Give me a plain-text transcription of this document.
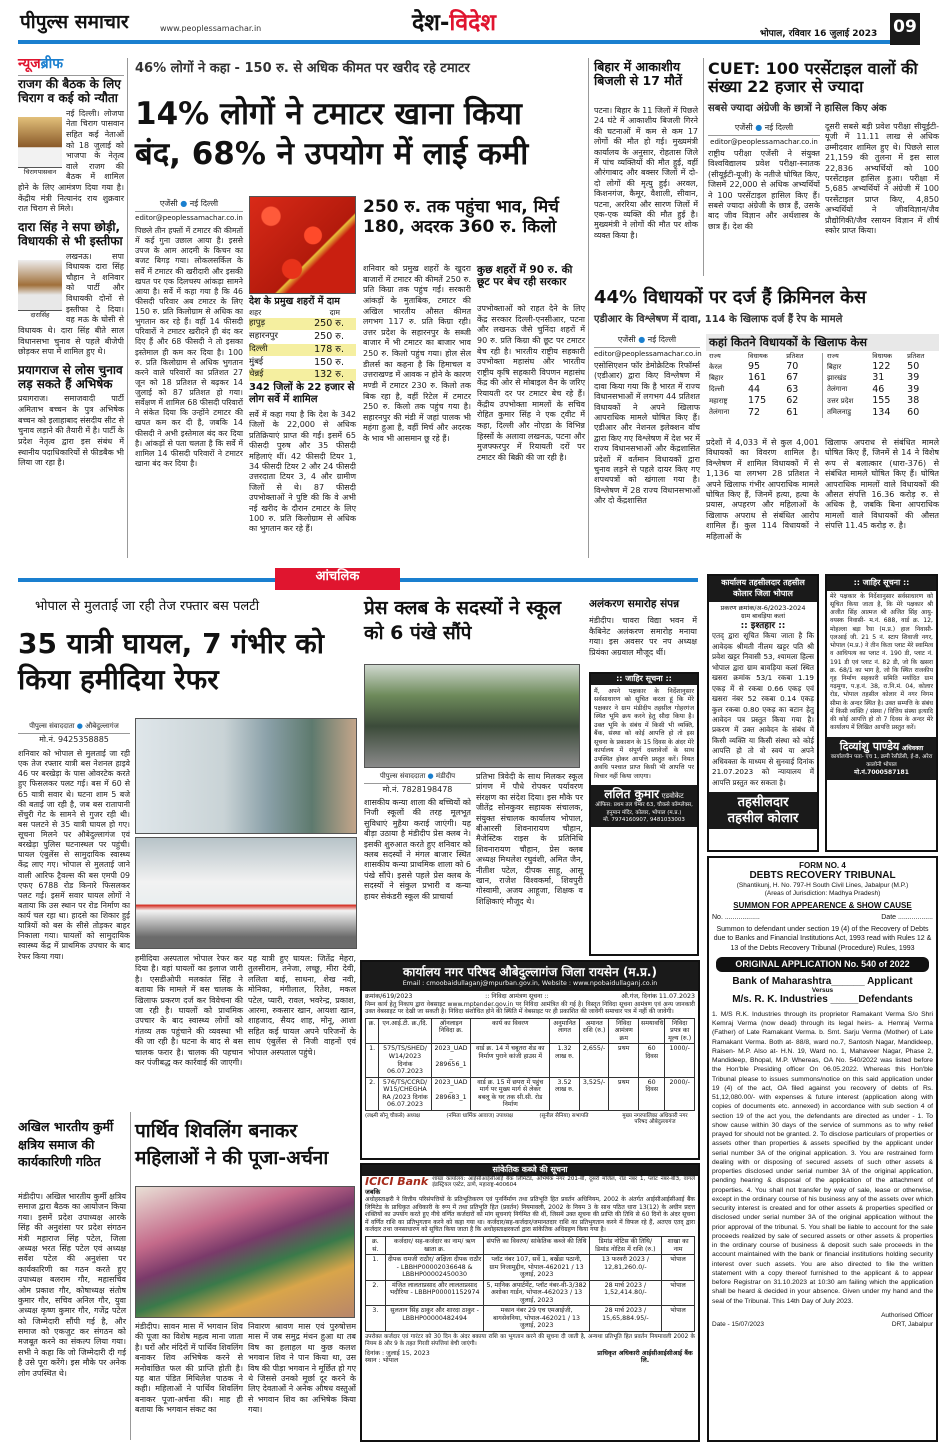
पीपुल्स समाचार	www.peoplessamachar.in	देश-विदेश	भोपाल, रविवार 16 जुलाई 2023 09
न्यूजब्रीफ
राजग की बैठक के लिए चिराग व कई को न्यौता
चिरागपासवान
नई दिल्ली। लोजपा नेता चिराग पासवान सहित कई नेताओं को 18 जुलाई को भाजपा के नेतृत्व वाले राजग की बैठक में शामिल होने के लिए आमंत्रण दिया गया है। केंद्रीय मंत्री नित्यानंद राय शुक्रवार रात चिराग से मिले।
दारा सिंह ने सपा छोड़ी, विधायकी से भी इस्तीफा
दारासिंह
लखनऊ। सपा विधायक दारा सिंह चौहान ने शनिवार को पार्टी और विधायकी दोनों से इस्तीफा दे दिया। वह मऊ के घोसी से विधायक थे। दारा सिंह बीते साल विधानसभा चुनाव से पहले बीजेपी छोड़कर सपा में शामिल हुए थे।
प्रयागराज से लोस चुनाव लड़ सकते हैं अभिषेक
प्रयागराज। समाजवादी पार्टी अमिताभ बच्चन के पुत्र अभिषेक बच्चन को इलाहाबाद संसदीय सीट से चुनाव लड़ाने की तैयारी में है। पार्टी के प्रदेश नेतृत्व द्वारा इस संबंध में स्थानीय पदाधिकारियों से फीडबैक भी लिया जा रहा है।
46% लोगों ने कहा - 150 रु. से अधिक कीमत पर खरीद रहे टमाटर
14% लोगों ने टमाटर खाना किया
बंद, 68% ने उपयोग में लाई कमी
एजेंसी ● नई दिल्ली
editor@peoplessamachar.co.in
पिछले तीन हफ्तों में टमाटर की कीमतों में कई गुना उछाल आया है। इससे उपज के आम आदमी के किचन का बजट बिगड़ गया। लोकलसर्किल के सर्वे में टमाटर की खरीदारी और इसकी खपत पर एक दिलचस्प आंकड़ा सामने आया है। सर्वे में कहा गया है कि 46 फीसदी परिवार अब टमाटर के लिए 150 रु. प्रति किलोग्राम से अधिक का भुगतान कर रहे हैं। वहीं 14 फीसदी परिवारों ने टमाटर खरीदने ही बंद कर दिए हैं और 68 फीसदी ने तो इसका इस्तेमाल ही कम कर दिया है। 100 रु. प्रति किलोग्राम से अधिक भुगतान करने वाले परिवारों का प्रतिशत 27 जून को 18 प्रतिशत से बढ़कर 14 जुलाई को 87 प्रतिशत हो गया। सर्वेक्षण में शामिल 68 फीसदी परिवारों ने संकेत दिया कि उन्होंने टमाटर की खपत कम कर दी है, जबकि 14 फीसदी ने अभी इस्तेमाल बंद कर दिया है। आंकड़ों से पता चलता है कि सर्वे में शामिल 14 फीसदी परिवारों ने टमाटर खाना बंद कर दिया है।
देश के प्रमुख शहरों में दाम
शहर	दाम
हापुड़	250 रु.
सहारनपुर	250 रु.
दिल्ली	178 रु.
मुंबई	150 रु.
चेन्नई	132 रु.
342 जिलों के 22 हजार से लोग सर्वे में शामिल
सर्वे में कहा गया है कि देश के 342 जिलों के 22,000 से अधिक प्रतिक्रियाएं प्राप्त की गईं। इसमें 65 फीसदी पुरुष और 35 फीसदी महिलाएं थीं। 42 फीसदी टियर 1, 34 फीसदी टियर 2 और 24 फीसदी उत्तरदाता टियर 3, 4 और ग्रामीण जिलों से थे। 87 फीसदी उपभोक्ताओं ने पुष्टि की कि वे अभी नई खरीद के दौरान टमाटर के लिए 100 रु. प्रति किलोग्राम से अधिक का भुगतान कर रहे हैं।
250 रु. तक पहुंचा भाव, मिर्च 180, अदरक 360 रु. किलो
शनिवार को प्रमुख शहरों के खुदरा बाजारों में टमाटर की कीमतें 250 रु. प्रति किग्रा तक पहुंच गईं। सरकारी आंकड़ों के मुताबिक, टमाटर की अखिल भारतीय औसत कीमत लगभग 117 रु. प्रति किग्रा रही। उत्तर प्रदेश के सहारनपुर के सब्जी बाजार में भी टमाटर का बाजार भाव 250 रु. किलो पहुंच गया। होल सेल डीलर्स का कहना है कि हिमाचल व उत्तराखण्ड में आवक न होने के कारण मण्डी में टमाटर 230 रु. किलो तक बिक रहा है, वहीं रिटेल में टमाटर 250 रु. किलो तक पहुंच गया है। सहारनपुर की मंडी में जहां पालक भी महंगा हुआ है, वहीं मिर्च और अदरक के भाव भी आसमान छू रहे हैं।
कुछ शहरों में 90 रु. की छूट पर बेच रही सरकार
उपभोक्ताओं को राहत देने के लिए केंद्र सरकार दिल्ली-एनसीआर, पटना और लखनऊ जैसे चुनिंदा शहरों में 90 रु. प्रति किग्रा की छूट पर टमाटर बेच रही है। भारतीय राष्ट्रीय सहकारी उपभोक्ता महासंघ और भारतीय राष्ट्रीय कृषि सहकारी विपणन महासंघ केंद्र की ओर से मोबाइल वैन के जरिए रियायती दर पर टमाटर बेच रहे हैं। केंद्रीय उपभोक्ता मामलों के सचिव रोहित कुमार सिंह ने एक ट्वीट में कहा, दिल्ली और नोएडा के विभिन्न हिस्सों के अलावा लखनऊ, पटना और मुजफ्फरपुर में रियायती दरों पर टमाटर की बिक्री की जा रही है।
बिहार में आकाशीय बिजली से 17 मौतें
पटना। बिहार के 11 जिलों में पिछले 24 घंटे में आकाशीय बिजली गिरने की घटनाओं में कम से कम 17 लोगों की मौत हो गई। मुख्यमंत्री कार्यालय के अनुसार, रोहतास जिले में पांच व्यक्तियों की मौत हुई, वहीं औरंगाबाद और बक्सर जिलों में दो-दो लोगों की मृत्यु हुई। अरवल, किशनगंज, कैमूर, वैशाली, सीवान, पटना, अररिया और सारण जिलों में एक-एक व्यक्ति की मौत हुई है। मुख्यमंत्री ने लोगों की मौत पर शोक व्यक्त किया है।
CUET: 100 परसेंटाइल वालों की संख्या 22 हजार से ज्यादा
सबसे ज्यादा अंग्रेजी के छात्रों ने हासिल किए अंक
एजेंसी ● नई दिल्ली
editor@peoplessamachar.co.in
राष्ट्रीय परीक्षा एजेंसी ने संयुक्त विश्वविद्यालय प्रवेश परीक्षा-स्नातक (सीयूईटी-यूजी) के नतीजे घोषित किए, जिसमें 22,000 से अधिक अभ्यर्थियों ने 100 परसेंटाइल हासिल किए हैं। सबसे ज्यादा अंग्रेजी के छात्र हैं, उसके बाद जीव विज्ञान और अर्थशास्त्र के छात्र हैं। देश की
दूसरी सबसे बड़ी प्रवेश परीक्षा सीयूईटी-यूजी में 11.11 लाख से अधिक उम्मीदवार शामिल हुए थे। पिछले साल 21,159 की तुलना में इस साल 22,836 अभ्यर्थियों को 100 परसेंटाइल हासिल हुआ। परीक्षा में 5,685 अभ्यर्थियों ने अंग्रेजी में 100 परसेंटाइल प्राप्त किए, 4,850 अभ्यर्थियों ने जीवविज्ञान/जैव प्रौद्योगिकी/जैव रसायन विज्ञान में शीर्ष स्कोर प्राप्त किया।
44% विधायकों पर दर्ज हैं क्रिमिनल केस
एडीआर के विश्लेषण में दावा, 114 के खिलाफ दर्ज हैं रेप के मामले
एजेंसी ● नई दिल्ली
editor@peoplessamachar.co.in
एसोसिएशन फॉर डेमोक्रेटिक रिफॉर्म्स (एडीआर) द्वारा किए विश्लेषण में दावा किया गया कि है भारत में राज्य विधानसभाओं में लगभग 44 प्रतिशत विधायकों ने अपने खिलाफ आपराधिक मामले घोषित किए हैं। एडीआर और नेशनल इलेक्शन वॉच द्वारा किए गए विश्लेषण में देश भर में राज्य विधानसभाओं और केंद्रशासित प्रदेशों में वर्तमान विधायकों द्वारा चुनाव लड़ने से पहले दायर किए गए शपथपत्रों को खंगाला गया है। विश्लेषण में 28 राज्य विधानसभाओं और दो केंद्रशासित
कहां कितने विधायकों के खिलाफ केस
राज्य	विधायक	प्रतिशत
केरल	95	70
बिहार	161	67
दिल्ली	44	63
महाराष्ट्र	175	62
तेलंगाना	72	61
राज्य	विधायक	प्रतिशत
बिहार	122	50
झारखंड	31	39
तेलंगाना	46	39
उत्तर प्रदेश	155	38
तमिलनाडु	134	60
प्रदेशों में 4,033 में से कुल 4,001 विधायकों का विवरण शामिल है। विश्लेषण में शामिल विधायकों में से 1,136 या लगभग 28 प्रतिशत ने अपने खिलाफ गंभीर आपराधिक मामले घोषित किए हैं, जिनमें हत्या, हत्या के प्रयास, अपहरण और महिलाओं के खिलाफ अपराध से संबंधित आरोप शामिल हैं। कुल 114 विधायकों ने महिलाओं के
खिलाफ अपराध से संबंधित मामले घोषित किए हैं, जिनमें से 14 ने विशेष रूप से बलात्कार (धारा-376) से संबंधित मामले घोषित किए हैं। घोषित आपराधिक मामलों वाले विधायकों की औसत संपत्ति 16.36 करोड़ रु. से अधिक है, जबकि बिना आपराधिक मामलों वाले विधायकों की औसत संपत्ति 11.45 करोड़ रु. है।
आंचलिक
भोपाल से मुलताई जा रही तेज रफ्तार बस पलटी
35 यात्री घायल, 7 गंभीर को किया हमीदिया रेफर
पीपुल्स संवाददाता ● औबेदुल्लागंज
मो.नं. 9425358885
शनिवार को भोपाल से मुलताई जा रही एक तेज रफ्तार यात्री बस नेशनल हाइवे 46 पर बरखेड़ा के पास ओवरटेक करते हुए फिसलकर पलट गई। बस में 60 से 65 यात्री सवार थे। घटना शाम 5 बजे की बताई जा रही है, जब बस रातापानी सेंचुरी गेट के सामने से गुजर रही थी। बस पलटने से 35 यात्री घायल हो गए। सूचना मिलने पर औबेदुल्लागंज एवं बरखेड़ा पुलिस घटनास्थल पर पहुंची। घायल एंबुलेंस से सामुदायिक स्वास्थ्य केंद्र लाए गए। भोपाल से मुलताई जाने वाली आरिफ ट्रैवल्स की बस एमपी 09 एफए 6788 रोड किनारे फिसलकर पलट गई। इसमें सवार घायल लोगों ने बताया कि उस स्थान पर रोड निर्माण का कार्य चल रहा था। हादसे का शिकार हुई यात्रियों को बस के सीसे तोड़कर बाहर निकाला गया। घायलों को सामुदायिक स्वास्थ्य केंद्र में प्राथमिक उपचार के बाद रेफर किया गया।	हमीदिया अस्पताल भोपाल रेफर कर दिया है। वहां घायलों का इलाज जारी है। एसडीओपी मलकांत सिंह ने बताया कि मामले में बस चालक के खिलाफ प्रकरण दर्ज कर विवेचना की जा रही है। घायलों को प्राथमिक उपचार के बाद स्वास्थ्य लोगों को गंतव्य तक पहुंचाने की व्यवस्था भी की जा रही है। घटना के बाद से बस चालक फरार है। चालक की पहचान कर पंजीबद्ध कर कार्रवाई की जाएगी।
यह यात्री हुए घायल: जितेंद्र मेहरा, तुलसीराम, तनेजा, लच्छू, मीरा देवी, ललिता बाई, साधना, शेख नवी, मोनिका, मंगीलाल, रितेश, मकल पटेल, प्यारी, रावल, भवरेन्द्र, प्रकाश, आरमा, रुकसार खान, आयशा खान, शाहजाद, सैयद शाह, मोनू, आशा सहित कई घायल अपने परिजनों के साथ एंबुलेंस से निजी वाहनों एवं भोपाल अस्पताल पहुंचे।
प्रेस क्लब के सदस्यों ने स्कूल को 6 पंखे सौंपे
पीपुल्स संवाददाता ● मंडीदीप
मो.नं. 7828198478
शासकीय कन्या शाला की बच्चियों को निजी स्कूलों की तरह मूलभूत सुविधाएं मुहैया कराई जाएंगी। यह बीड़ा उठाया है मंडीदीप प्रेस क्लब ने। इसकी शुरुआत करते हुए शनिवार को क्लब सदस्यों ने मंगल बाजार स्थित शासकीय कन्या प्राथमिक शाला को 6 पंखे सौंपे। इससे पहले प्रेस क्लब के सदस्यों ने संकुल प्रभारी व कन्या हायर सेकंडरी स्कूल की प्राचार्या
प्रतिभा त्रिवेदी के साथ मिलकर स्कूल प्रांगण में पौधे रोपकर पर्यावरण संरक्षण का संदेश दिया। इस मौके पर जीतेंद्र सोनकुवर सहायक संचालक, संयुक्त संचालक कार्यालय भोपाल, बीआरसी शिवनारायण चौहान, मैजेस्टिक राइस के प्रतिनिधि शिवनारायण चौहान, प्रेस क्लब अध्यक्ष मिथलेश रघुवंशी, अमित जैन, नीतीश पटेल, दीपक साहू, आसू खान, राजेश विश्वकर्मा, शिवपुरी गोस्वामी, अजय आहूजा, शिक्षक व शिक्षिकाएं मौजूद थे।
अलंकरण समारोह संपन्न
मंडीदीप। चावरा विद्या भवन में कैबिनेट अलंकरण समारोह मनाया गया। इस अवसर पर नप अध्यक्ष प्रियंका अग्रवाल मौजूद थीं।
:: जाहिर सूचना ::
मैं, अपने पक्षकार के निर्देशानुसार सर्वसाधारण को सूचित करता हूं कि मेरे पक्षकार ने ग्राम मंडीदीप तहसील गोहरगंज स्थित भूमि क्रय करने हेतु सौदा किया है। उक्त भूमि के संबंध में किसी भी व्यक्ति, बैंक, संस्था को कोई आपत्ति हो तो इस सूचना के प्रकाशन के 15 दिवस के अंदर मेरे कार्यालय में संपूर्ण दस्तावेजों के साथ उपस्थित होकर आपत्ति प्रस्तुत करें। नियत अवधि पश्चात प्राप्त किसी भी आपत्ति पर विचार नहीं किया जाएगा।
ललित कुमार एडवोकेट
ऑफिस: प्रथम तल चेम्बर 63, चौकसे कॉम्प्लेक्स, हनुमान मंदिर, कोलार, भोपाल (म.प्र.)
मो. 7974160907, 9481033003
कार्यालय तहसीलदार तहसील कोलार जिला भोपाल
प्रकरण क्रमांक/अ-6/2023-2024
ग्राम बावड़िया कलां
:: इश्तहार ::
एतद् द्वारा सूचित किया जाता है कि आवेदक श्रीमती नीलम खट्टर पति श्री प्रवेश खट्टर निवासी 53, श्यामला हिल्स भोपाल द्वारा ग्राम बावड़िया कलां स्थित खसरा क्रमांक 53/1 रकबा 1.19 एकड़ में से रकबा 0.66 एकड़ एवं खसरा नंबर 52 रकबा 0.14 एकड़ कुल रकबा 0.80 एकड़ का बटान हेतु आवेदन पत्र प्रस्तुत किया गया है। प्रकरण में उक्त आवेदन के संबंध में किसी व्यक्ति या किसी संस्था को कोई आपत्ति हो तो वो स्वयं या अपने अधिवक्ता के माध्यम से सुनवाई दिनांक 21.07.2023 को न्यायालय में आपत्ति प्रस्तुत कर सकता है।
तहसीलदार
तहसील कोलार
:: जाहिर सूचना ::
मेरे पक्षकार के निर्देशानुसार सर्वसाधारण को सूचित किया जाता है, कि मेरे पक्षकार श्री अजीत सिंह आत्मज श्री अजित सिंह आयु-वयस्क निवासी- म.नं. 688, वार्ड क्र. 12, मोहल्ला बड़ा रैया (म.प्र.) हाल निवासी- एलआई जी. 21 5 नं. स्टाप शिवाजी नगर, भोपाल (म.प्र.) ने तीन किता प्लाट मेरे स्वामित्व व आधिपत्य का प्लाट नं. 190 डी, प्लाट नं. 191 डी एवं प्लाट नं. 82 डी, जो कि खसरा क्र. 68/1 का भाग है, जो कि स्थित राजकीय गृह निर्माण सहकारी समिति मर्यादित ग्राम गढ़मुगा, प.ह.नं. 38, रा.नि.मं. 04, कोलार रोड, भोपाल तहसील कोलार में नगर निगम सीमा के अन्दर स्थित है। उक्त सम्पत्ति के संबंध में किसी व्यक्ति / संस्था / वित्तिय संस्था इत्यादि की कोई आपत्ति हो तो 7 दिवस के अन्दर मेरे कार्यालय में लिखित आपत्ति प्रस्तुत करें।
दिव्यांशु पाण्डेय अधिवक्ता
कार्यालयीन पता- एच 1, क्रमी रेसीडेंसी, ई-8, अरेरा कालोनी भोपाल
मो.नं.7000587181
FORM NO. 4
DEBTS RECOVERY TRIBUNAL
(Shantikunj, H. No. 797-H South Civil Lines, Jabalpur (M.P.)
(Areas of Jurisdiction: Madhya Pradesh)
SUMMON FOR APPEARENCE & SHOW CAUSE
No. ..................	Date ..................
Summon to defendant under section 19 (4) of the Recovery of Debts due to Banks and Financial Institutions Act, 1993 read with Rules 12 & 13 of the Debts Recovery Tribunal (Procedure) Rules, 1993
ORIGINAL APPLICATION No. 540 of 2022
Bank of Maharashtra______ Applicant
Versus
M/s. R. K. Industries _____Defendants
1. M/S R.K. Industries through its proprietor Ramakant Verma S/o Shri Kemraj Verma (now dead) through its legal heirs- a. Hemraj Verma (Father) of Late Ramakant Verma. b. Smt. Sarju Verma (Mother) of Late Ramakant Verma. Both at- 88/8, ward no.7, Santosh Nagar, Mandideep, Raisen- M.P. Also at- H.N. 19, Ward no. 1, Mahaveer Nagar, Phase 2, Mandideep, Bhopal, M.P. Whereas, OA No. 540/2022 was listed before the Hon'ble Presiding officer On 06.05.2022. Whereas this Hon'ble Tribunal please to issues summons/notice on this said application under 19 (4) of the act, OA filed against you recovery of debts of Rs. 51,12,080.00/- with expenses & future interest (application along with copies of documents etc. annexed) in accordance with sub section 4 of section 19 of the act you, the defendants are directed as under - 1. To show cause within 30 days of the service of summons as to why relief prayed for should not be granted. 2. To disclose particulars of properties or assets other than properties & assets specified by the applicant under serial number 3A of the original application. 3. You are restrained form dealing with or disposing of secured assets of such other assets & properties disclosed under serial number 3A of the original application, pending hearing & disposal of the application of the attachment of properties. 4. You shall not transfer by way of sale, lease or otherwise, except in the ordinary course of his business any of the assets over which security interest is created and for other assets & properties specified or disclosed under serial number 3A of the original application without the prior approval of the tribunal. 5. You shall be liable to account for the sale proceeds realized by sale of secured assets or other assets & properties in the ordinary course of business & deposit such sale proceeds in the account maintained with the bank or financial institutions holding security interest over such assets. You are also directed to file the written statement with a copy thereof furnished to the applicant & to appear before Registrar on 31.10.2023 at 10:30 am failing which the application shall be heard & decided in your absence. Given under my hand and the seal of the Tribunal. This 14th Day of July 2023.
Date - 15/07/2023
Authorised Officer
DRT, Jabalpur
कार्यालय नगर परिषद औबेदुल्लागंज जिला रायसेन (म.प्र.)
Email : cmoobaidullaganj@mpurban.gov.in, Website : www.npobaidullaganj.co.in
क्रमांक/619/2023	:: निविदा आमंत्रण सूचना ::	औ.गंज, दिनांक 11.07.2023
निम्न कार्य हेतु निकाय द्वारा वेबसाइट www.mptender.gov.in पर निविदा आमंत्रित की गई है। विस्तृत निविदा सूचना आमंत्रण एवं अन्य जानकारी उक्त वेबसाइट पर देखी जा सकती है। निविदा संशोधित होने की स्थिति में वेबसाइट पर ही प्रकाशित की जावेगी समाचार पत्र में नहीं की जावेगी।
क्र.	एन.आई.टी. क्र./दि.	ऑनलाइन निविदा क्र.	कार्य का विवरण	अनुमानित लागत	अमानत राशि (रु.)	निविदा आमंत्रण क्रम	समयावधि	निविदा प्रपत्र का मूल्य (रु.)
1.	575/TS/SHED/ W14/2023 दिनांक 06.07.2023	2023_UAD_ 289656_1	वार्ड क्र. 14 में चबूतरा शेड का निर्माण पुराने कांजी हाउस में	1.32 लाख रु.	2,655/-	प्रथम	60 दिवस	1000/-
2.	576/TS/CCRD/ W15/CHEGHARA /2023 दिनांक 06.07.2023	2023_UAD_ 289683_1	वार्ड क्र. 15 में छपरा में पहुंच मार्ग पर मुख्य मार्ग से लेकर बबलू के घर तक सी.सी. रोड निर्माण	3.52 लाख रु.	3,525/-	प्रथम	60 दिवस	2000/-
(लक्ष्मी सोनू चौकसे) अध्यक्ष	(नमिता धार्मिक आवाज) उपाध्यक्ष	(सुनील सैनिया) सभापति	मुख्य नगरपालिका अधिकारी नगर परिषद औबेदुल्लागंज
सांकेतिक कब्जे की सूचना
ICICI Bank शाखा कार्यालय: आईसीआईसीआई बैंक लिमिटेड, अभिषेक नगर 201-बी, दूसरी मंजिल, रोड नंबर 1, प्लॉट नंबर-बी3, वागले इंडस्ट्रियल एस्टेट, ठाणे, महाराष्ट्र-400604
जबकि
अधोहस्ताक्षरी ने वित्तीय परिसंपत्तियों के प्रतिभूतिकरण एवं पुनर्निर्माण तथा प्रतिभूति हित प्रवर्तन अधिनियम, 2002 के अंतर्गत आईसीआईसीआई बैंक लिमिटेड के प्राधिकृत अधिकारी के रूप में तथा प्रतिभूति हित (प्रवर्तन) नियमावली, 2002 के नियम 3 के साथ पठित धारा 13(12) के अधीन प्रदत्त शक्तियों का उपयोग करते हुए नीचे वर्णित कर्जदारों को मांग सूचनाएं निर्गमित की थीं, जिसमें उक्त सूचना की प्राप्ति की तिथि से 60 दिनों के अंदर सूचना में वर्णित राशि का प्रतिभुगतान करने को कहा गया था। कर्जदार/सह-कर्जदार/जमानतदार राशि का प्रतिभुगतान करने में विफल रहे हैं, अतएव एतद् द्वारा कर्जदार तथा जनसाधारण को सूचित किया जाता है कि अधोहस्ताक्षरकर्ता द्वारा सांकेतिक अधिग्रहण किया गया है।
क्र. सं.	कर्जदार/ सह-कर्जदार का नाम/ ऋण खाता क्र.	संपत्ति का विवरण/ सांकेतिक कब्जे की तिथि	डिमांड नोटिस की तिथि/ डिमांड नोटिस में राशि (रु.)	शाखा का नाम
1.	दीपक रामजी राठौर/ अक्षिता दीपक राठौर - LBBHP00002036648 & LBBHP00002450030	प्लॉट नंबर 107, सर्वे 1, बर्खेडा पठानी, ग्राम निजामुद्दीन, भोपाल-462021 / 13 जुलाई, 2023	13 फरवरी 2023 / 12,81,260.0/-	भोपाल
2.	मंजित लालताप्रसाद और लालताप्रसाद भदौरिया - LBBHP00001152974	5, मानिक अपार्टमेंट, प्लॉट नंबर-वी-3/382 अशोका गार्डन, भोपाल-462023 / 13 जुलाई, 2023	28 मार्च 2023 / 1,52,414.80/-	भोपाल
3.	सुलतान सिंह ठाकुर और शारदा ठाकुर - LBBHP00000482494	मकान नंबर 29 एच एमआईजी, बागसेवनिया, भोपाल-462021 / 13 जुलाई, 2023	28 मार्च 2023 / 15,65,884.95/-	भोपाल
उपरोक्त कर्जदार एवं गारंटर को 30 दिन के अंदर बकाया राशि का भुगतान करने की सूचना दी जाती है, अन्यथा प्रतिभूति हित प्रवर्तन नियमावली 2002 के नियम 8 और 9 के तहत गिरवी संपत्तियां बेची जाएंगी।
दिनांक : जुलाई 15, 2023
स्थान : भोपाल
प्राधिकृत अधिकारी आईसीआईसीआई बैंक लि.
अखिल भारतीय कुर्मी क्षत्रिय समाज की कार्यकारिणी गठित
मंडीदीप। अखिल भारतीय कुर्मी क्षत्रिय समाज द्वारा बैठक का आयोजन किया गया। इसमें प्रदेश उपाध्यक्ष आरके सिंह की अनुशंसा पर प्रदेश संगठन मंत्री महाराज सिंह पटेल, जिला अध्यक्ष भरत सिंह पटेल एवं अध्यक्ष सर्वेश पटेल की अनुशंसा पर कार्यकारिणी का गठन करते हुए उपाध्यक्ष बलराम गौर, महासचिव ओम प्रकाश गौर, कोषाध्यक्ष संतोष कुमार गौर, सचिव अनिल गौर, युवा अध्यक्ष कृष्ण कुमार गौर, गजेंद्र पटेल को जिम्मेदारी सौंपी गई है, और समाज को एकजुट कर संगठन को मजबूत करने का संकल्प लिया गया। सभी ने कहा कि जो जिम्मेदारी दी गई है उसे पूरा करेंगे। इस मौके पर अनेक लोग उपस्थित थे।
पार्थिव शिवलिंग बनाकर महिलाओं ने की पूजा-अर्चना
मंडीदीप। सावन मास में भगवान शिव की पूजा का विशेष महत्व माना जाता है। घरों और मंदिरों में पार्थिव शिवलिंग बनाकर शिव अभिषेक करने से मनोवांछित फल की प्राप्ति होती है। यह बात पंडित मिथिलेश पाठक ने कही। महिलाओं ने पार्थिव शिवलिंग बनाकर पूजा-अर्चना की। माह ही बताया कि भगवान संकट का
निवारण श्रावण मास एवं पुरुषोत्तम मास में जब समुद्र मंथन हुआ था तब विष का हलाहल था कुछ कलश भगवान शिव ने पान किया था, उस विष की पीड़ा भगवान ने मूर्छित हो गए थे जिससे उनको मूर्छा दूर करने के लिए देवताओं ने अनेक औषध वस्तुओं से भगवान शिव का अभिषेक किया गया।
